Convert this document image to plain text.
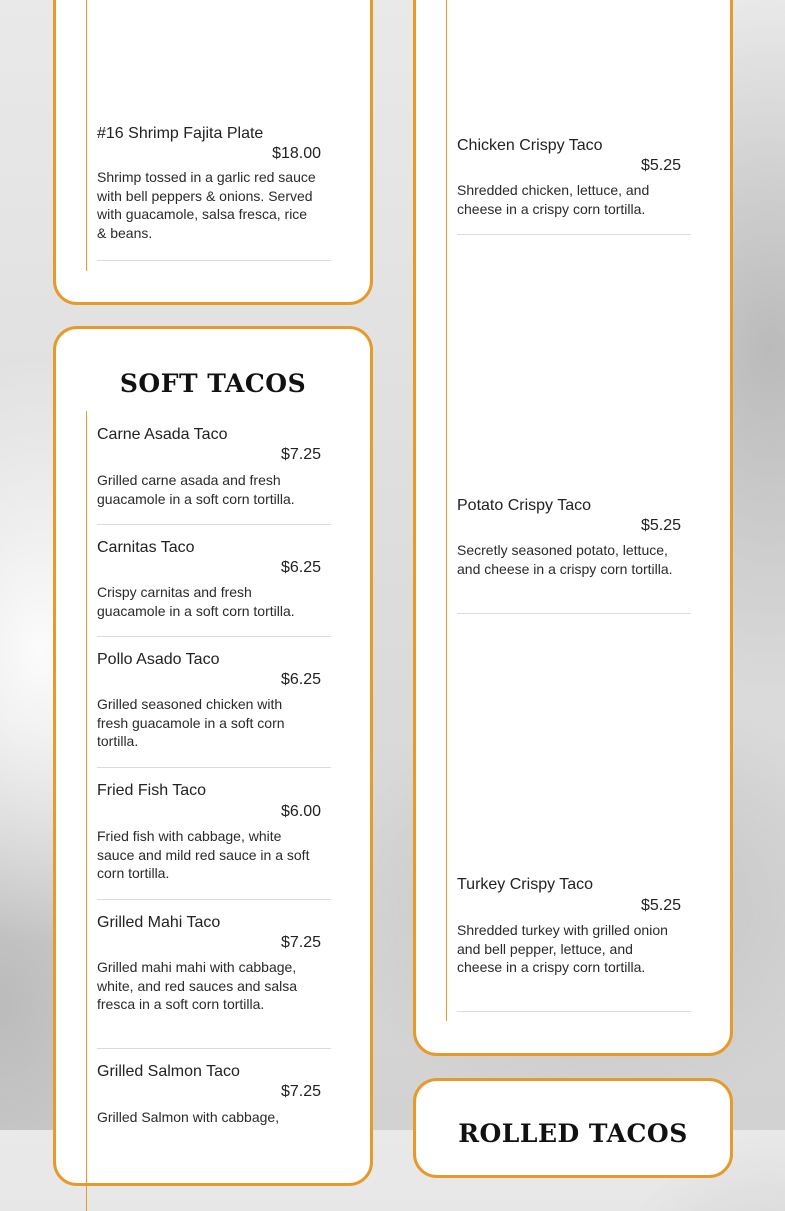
#16 Shrimp Fajita Plate
$18.00
Shrimp tossed in a garlic red sauce with bell peppers & onions. Served with guacamole, salsa fresca, rice & beans.
SOFT TACOS
Carne Asada Taco
$7.25
Grilled carne asada and fresh guacamole in a soft corn tortilla.
Carnitas Taco
$6.25
Crispy carnitas and fresh guacamole in a soft corn tortilla.
Pollo Asado Taco
$6.25
Grilled seasoned chicken with fresh guacamole in a soft corn tortilla.
Fried Fish Taco
$6.00
Fried fish with cabbage, white sauce and mild red sauce in a soft corn tortilla.
Grilled Mahi Taco
$7.25
Grilled mahi mahi with cabbage, white, and red sauces and salsa fresca in a soft corn tortilla.
Grilled Salmon Taco
$7.25
Grilled Salmon with cabbage,
Chicken Crispy Taco
$5.25
Shredded chicken, lettuce, and cheese in a crispy corn tortilla.
Potato Crispy Taco
$5.25
Secretly seasoned potato, lettuce, and cheese in a crispy corn tortilla.
Turkey Crispy Taco
$5.25
Shredded turkey with grilled onion and bell pepper, lettuce, and cheese in a crispy corn tortilla.
ROLLED TACOS
